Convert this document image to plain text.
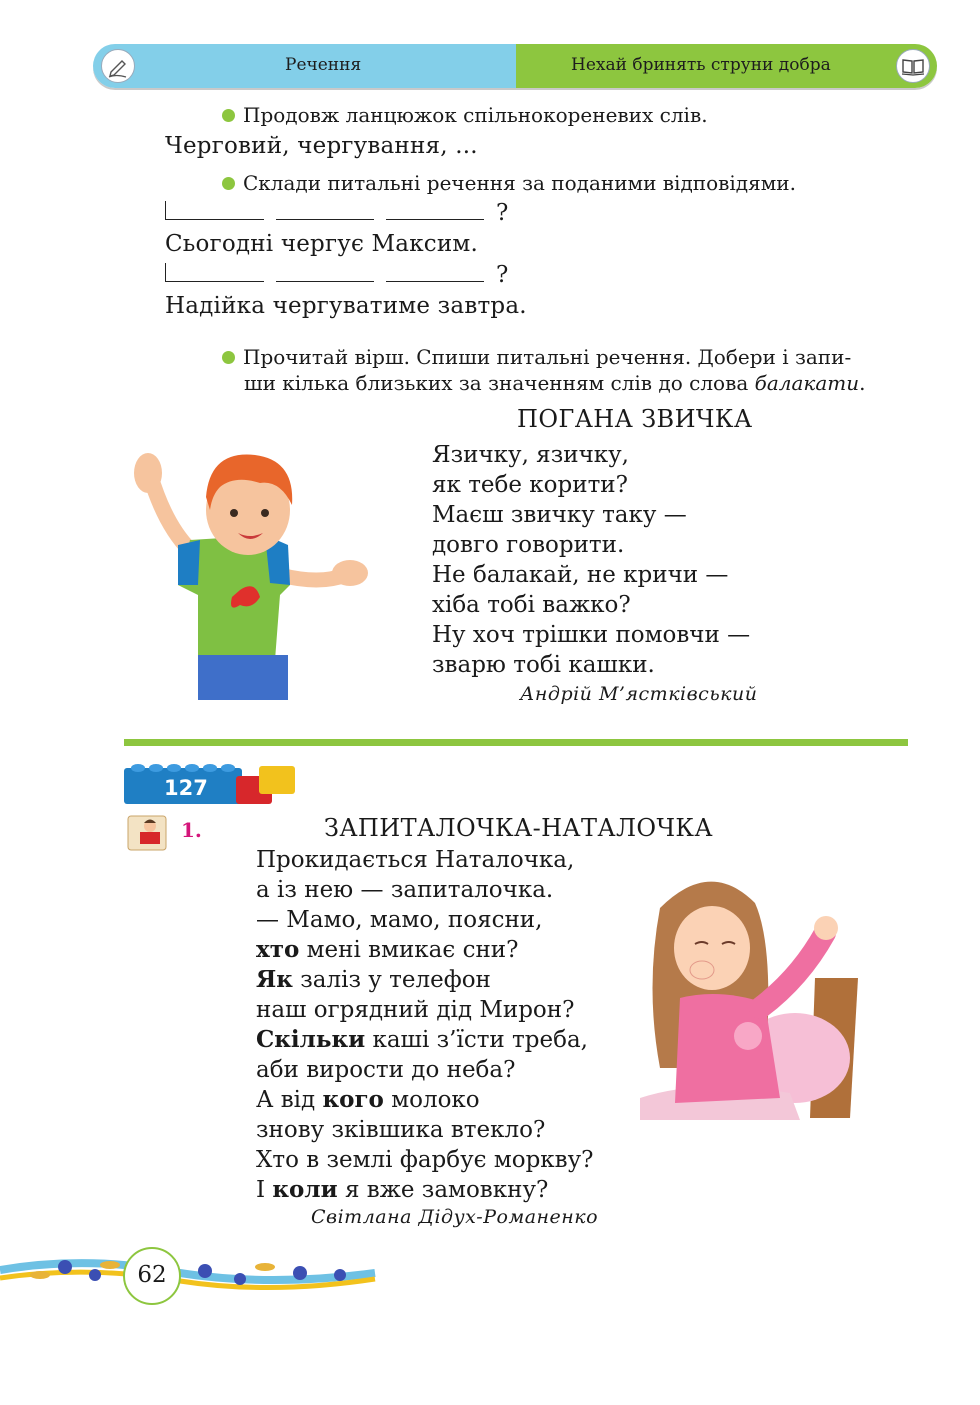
Речення	Нехай бринять струни добра
Продовж ланцюжок спільнокореневих слів.
Черговий, чергування, ...
Склади питальні речення за поданими відповідями.
?
Сьогодні чергує Максим.
?
Надійка чергуватиме завтра.
Прочитай вірш. Спиши питальні речення. Добери і запи-
ши кілька близьких за значенням слів до слова балакати.
ПОГАНА ЗВИЧКА
Язичку, язичку,
як тебе корити?
Маєш звичку таку —
довго говорити.
Не балакай, не кричи —
хіба тобі важко?
Ну хоч трішки помовчи —
зварю тобі кашки.
Андрій М’ястківський
127
1.	ЗАПИТАЛОЧКА-НАТАЛОЧКА
Прокидається Наталочка,
а із нею — запиталочка.
— Мамо, мамо, поясни,
хто мені вмикає сни?
Як заліз у телефон
наш огрядний дід Мирон?
Скільки каші з’їсти треба,
аби вирости до неба?
А від кого молоко
знову зківшика втекло?
Хто в землі фарбує моркву?
І коли я вже замовкну?
Світлана Дідух-Романенко
62
